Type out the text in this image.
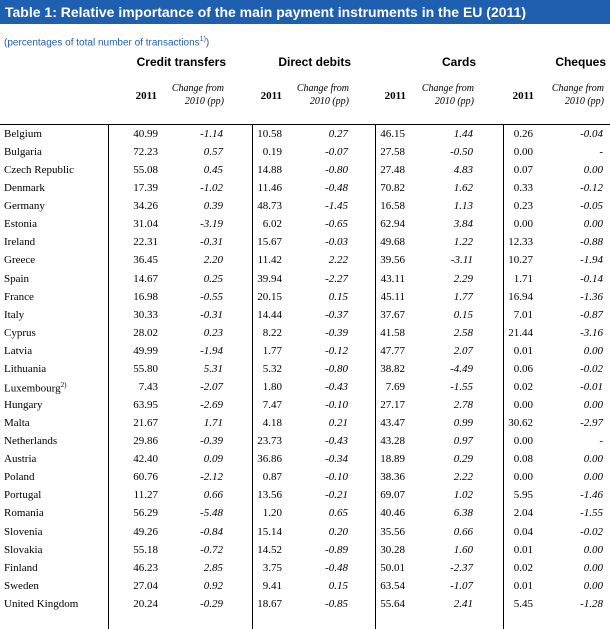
Table 1: Relative importance of the main payment instruments in the EU (2011)
(percentages of total number of transactions$^{1)}$)
Credit transfers
2011
Change from
2010 (pp)
Direct debits
2011
Change from
2010 (pp)
Cards
2011
Change from
2010 (pp)
Cheques
2011
Change from
2010 (pp)
Belgium	40.99	-1.14	10.58	0.27	46.15	1.44	0.26	-0.04
Bulgaria	72.23	0.57	0.19	-0.07	27.58	-0.50	0.00	-
Czech Republic	55.08	0.45	14.88	-0.80	27.48	4.83	0.07	0.00
Denmark	17.39	-1.02	11.46	-0.48	70.82	1.62	0.33	-0.12
Germany	34.26	0.39	48.73	-1.45	16.58	1.13	0.23	-0.05
Estonia	31.04	-3.19	6.02	-0.65	62.94	3.84	0.00	0.00
Ireland	22.31	-0.31	15.67	-0.03	49.68	1.22	12.33	-0.88
Greece	36.45	2.20	11.42	2.22	39.56	-3.11	10.27	-1.94
Spain	14.67	0.25	39.94	-2.27	43.11	2.29	1.71	-0.14
France	16.98	-0.55	20.15	0.15	45.11	1.77	16.94	-1.36
Italy	30.33	-0.31	14.44	-0.37	37.67	0.15	7.01	-0.87
Cyprus	28.02	0.23	8.22	-0.39	41.58	2.58	21.44	-3.16
Latvia	49.99	-1.94	1.77	-0.12	47.77	2.07	0.01	0.00
Lithuania	55.80	5.31	5.32	-0.80	38.82	-4.49	0.06	-0.02
Luxembourg$^{2)}$	7.43	-2.07	1.80	-0.43	7.69	-1.55	0.02	-0.01
Hungary	63.95	-2.69	7.47	-0.10	27.17	2.78	0.00	0.00
Malta	21.67	1.71	4.18	0.21	43.47	0.99	30.62	-2.97
Netherlands	29.86	-0.39	23.73	-0.43	43.28	0.97	0.00	-
Austria	42.40	0.09	36.86	-0.34	18.89	0.29	0.08	0.00
Poland	60.76	-2.12	0.87	-0.10	38.36	2.22	0.00	0.00
Portugal	11.27	0.66	13.56	-0.21	69.07	1.02	5.95	-1.46
Romania	56.29	-5.48	1.20	0.65	40.46	6.38	2.04	-1.55
Slovenia	49.26	-0.84	15.14	0.20	35.56	0.66	0.04	-0.02
Slovakia	55.18	-0.72	14.52	-0.89	30.28	1.60	0.01	0.00
Finland	46.23	2.85	3.75	-0.48	50.01	-2.37	0.02	0.00
Sweden	27.04	0.92	9.41	0.15	63.54	-1.07	0.01	0.00
United Kingdom	20.24	-0.29	18.67	-0.85	55.64	2.41	5.45	-1.28
